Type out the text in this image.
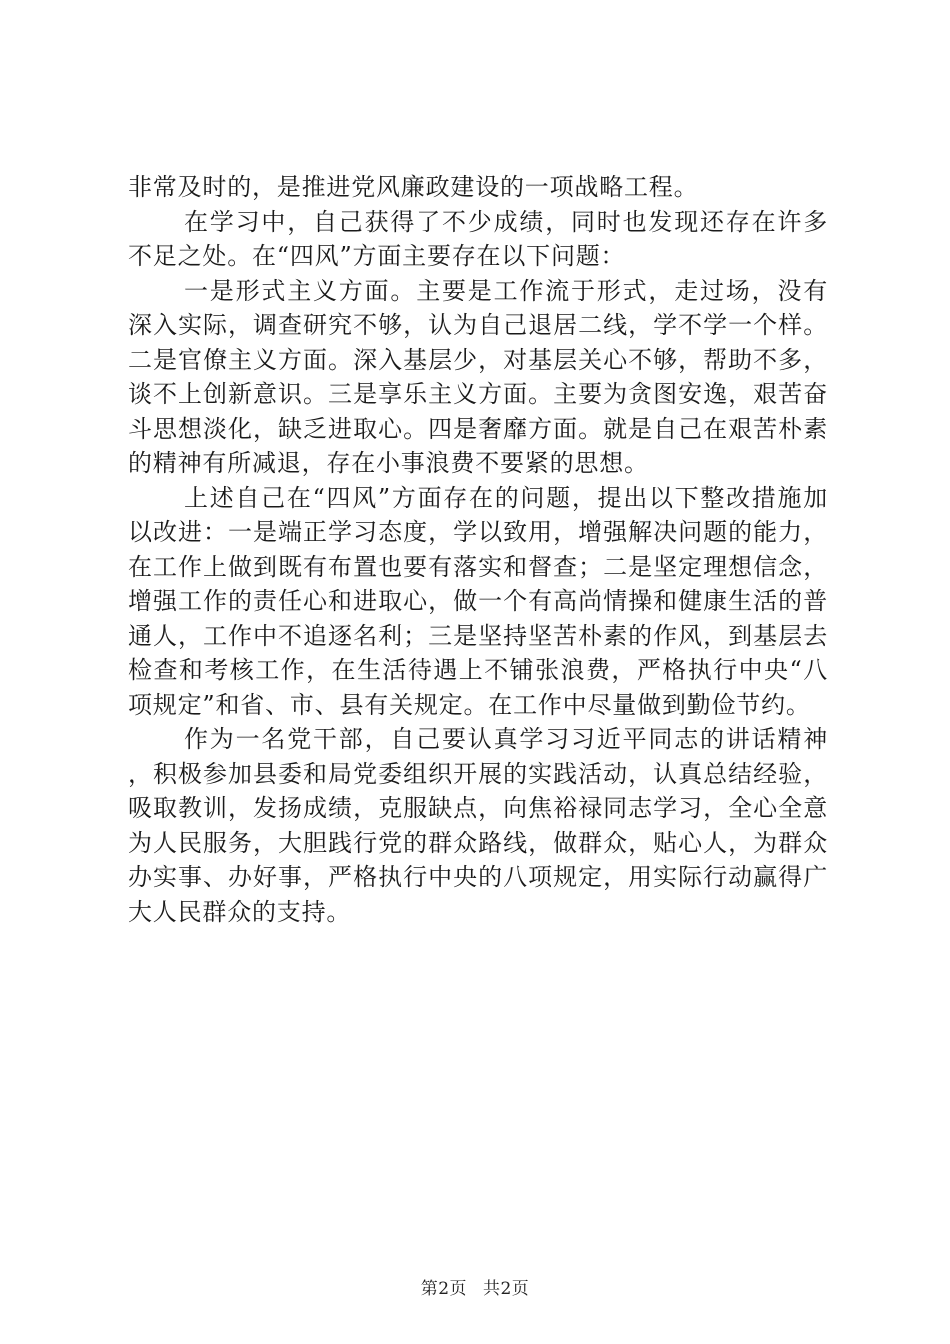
非常及时的，是推进党风廉政建设的一项战略工程。

在学习中，自己获得了不少成绩，同时也发现还存在许多不足之处。在“四风”方面主要存在以下问题：

一是形式主义方面。主要是工作流于形式，走过场，没有深入实际，调查研究不够，认为自己退居二线，学不学一个样。二是官僚主义方面。深入基层少，对基层关心不够，帮助不多，谈不上创新意识。三是享乐主义方面。主要为贪图安逸，艰苦奋斗思想淡化，缺乏进取心。四是奢靡方面。就是自己在艰苦朴素的精神有所减退，存在小事浪费不要紧的思想。

上述自己在“四风”方面存在的问题，提出以下整改措施加以改进：一是端正学习态度，学以致用，增强解决问题的能力，在工作上做到既有布置也要有落实和督查；二是坚定理想信念，增强工作的责任心和进取心，做一个有高尚情操和健康生活的普通人，工作中不追逐名利；三是坚持坚苦朴素的作风，到基层去检查和考核工作，在生活待遇上不铺张浪费，严格执行中央“八项规定”和省、市、县有关规定。在工作中尽量做到勤俭节约。

作为一名党干部，自己要认真学习习近平同志的讲话精神，积极参加县委和局党委组织开展的实践活动，认真总结经验，吸取教训，发扬成绩，克服缺点，向焦裕禄同志学习，全心全意为人民服务，大胆践行党的群众路线，做群众，贴心人，为群众办实事、办好事，严格执行中央的八项规定，用实际行动赢得广大人民群众的支持。

第2页 共2页
